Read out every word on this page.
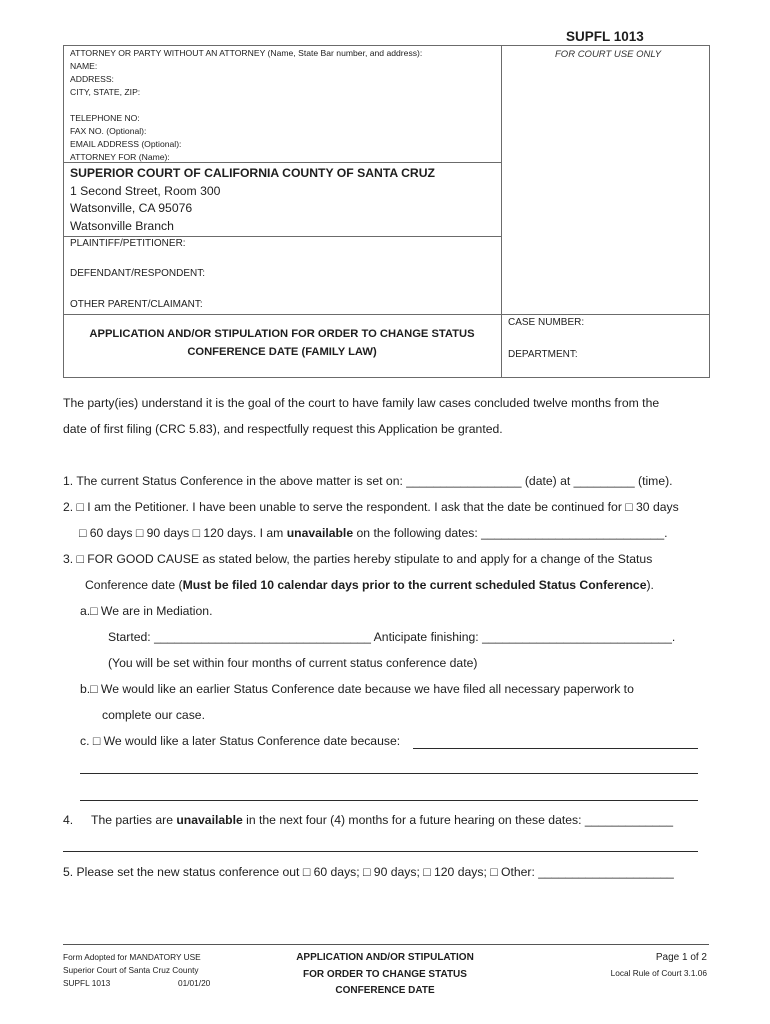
SUPFL 1013
FOR COURT USE ONLY
ATTORNEY OR PARTY WITHOUT AN ATTORNEY (Name, State Bar number, and address):
NAME:
ADDRESS:
CITY, STATE, ZIP:
TELEPHONE NO:
FAX NO. (Optional):
EMAIL ADDRESS (Optional):
ATTORNEY FOR (Name):
SUPERIOR COURT OF CALIFORNIA COUNTY OF SANTA CRUZ
1 Second Street, Room 300
Watsonville, CA 95076
Watsonville Branch
PLAINTIFF/PETITIONER:
DEFENDANT/RESPONDENT:
OTHER PARENT/CLAIMANT:
APPLICATION AND/OR STIPULATION FOR ORDER TO CHANGE STATUS
CONFERENCE DATE (FAMILY LAW)
CASE NUMBER:
DEPARTMENT:
The party(ies) understand it is the goal of the court to have family law cases concluded twelve months from the
date of first filing (CRC 5.83), and respectfully request this Application be granted.
1. The current Status Conference in the above matter is set on: _________________ (date) at _________ (time).
2. □ I am the Petitioner. I have been unable to serve the respondent. I ask that the date be continued for □ 30 days
□ 60 days □ 90 days □ 120 days. I am unavailable on the following dates: ___________________________.
3. □ FOR GOOD CAUSE as stated below, the parties hereby stipulate to and apply for a change of the Status
Conference date (Must be filed 10 calendar days prior to the current scheduled Status Conference).
a.□ We are in Mediation.
Started: ________________________________ Anticipate finishing: ____________________________.
(You will be set within four months of current status conference date)
b.□ We would like an earlier Status Conference date because we have filed all necessary paperwork to
complete our case.
c. □ We would like a later Status Conference date because:
4. The parties are unavailable in the next four (4) months for a future hearing on these dates: _____________
5. Please set the new status conference out □ 60 days; □ 90 days; □ 120 days; □ Other: ____________________
Form Adopted for MANDATORY USE
Superior Court of Santa Cruz County
SUPFL 1013	01/01/20
APPLICATION AND/OR STIPULATION
FOR ORDER TO CHANGE STATUS
CONFERENCE DATE
Page 1 of 2
Local Rule of Court 3.1.06
